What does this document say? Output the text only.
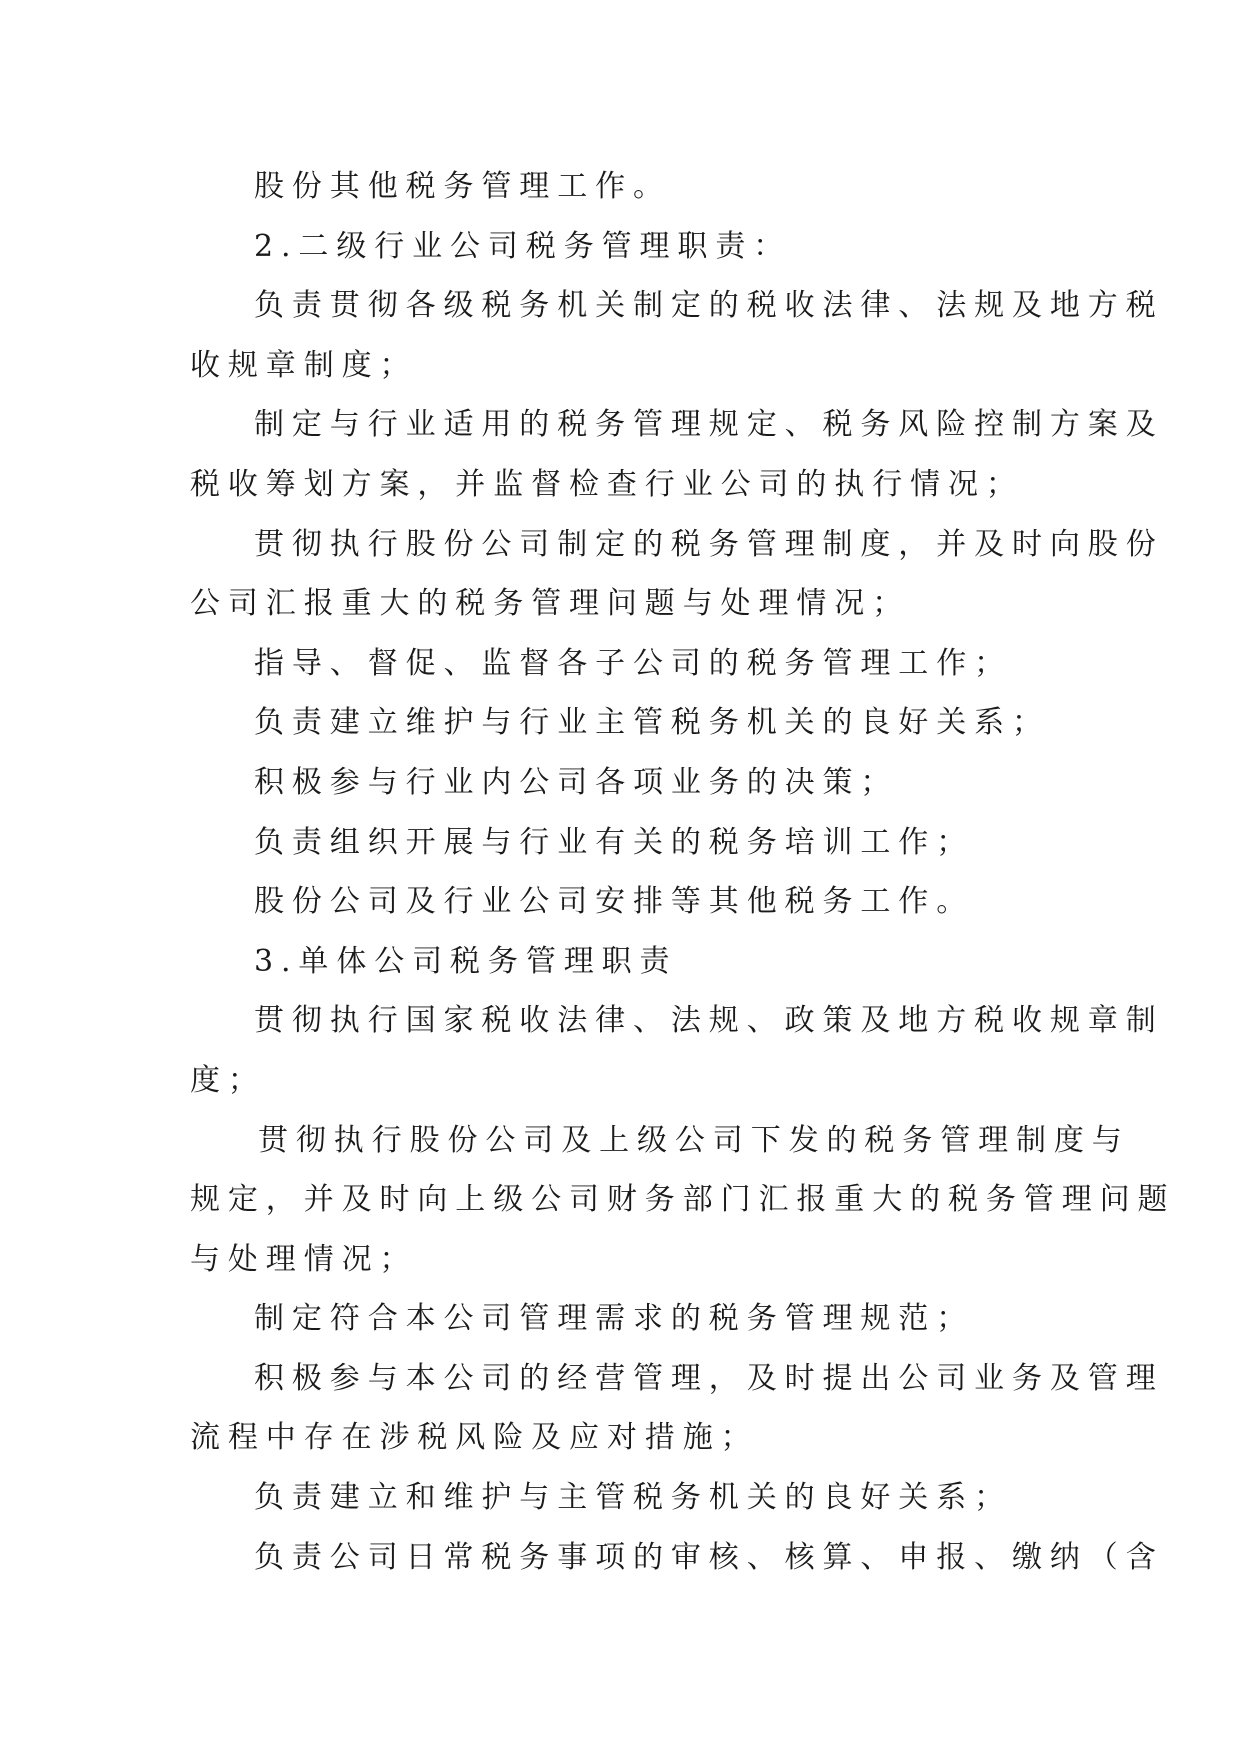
股份其他税务管理工作。
2.二级行业公司税务管理职责：
负责贯彻各级税务机关制定的税收法律、法规及地方税
收规章制度；
制定与行业适用的税务管理规定、税务风险控制方案及
税收筹划方案，并监督检查行业公司的执行情况；
贯彻执行股份公司制定的税务管理制度，并及时向股份
公司汇报重大的税务管理问题与处理情况；
指导、督促、监督各子公司的税务管理工作；
负责建立维护与行业主管税务机关的良好关系；
积极参与行业内公司各项业务的决策；
负责组织开展与行业有关的税务培训工作；
股份公司及行业公司安排等其他税务工作。
3.单体公司税务管理职责
贯彻执行国家税收法律、法规、政策及地方税收规章制
度；
贯彻执行股份公司及上级公司下发的税务管理制度与
规定，并及时向上级公司财务部门汇报重大的税务管理问题
与处理情况；
制定符合本公司管理需求的税务管理规范；
积极参与本公司的经营管理，及时提出公司业务及管理
流程中存在涉税风险及应对措施；
负责建立和维护与主管税务机关的良好关系；
负责公司日常税务事项的审核、核算、申报、缴纳（含
